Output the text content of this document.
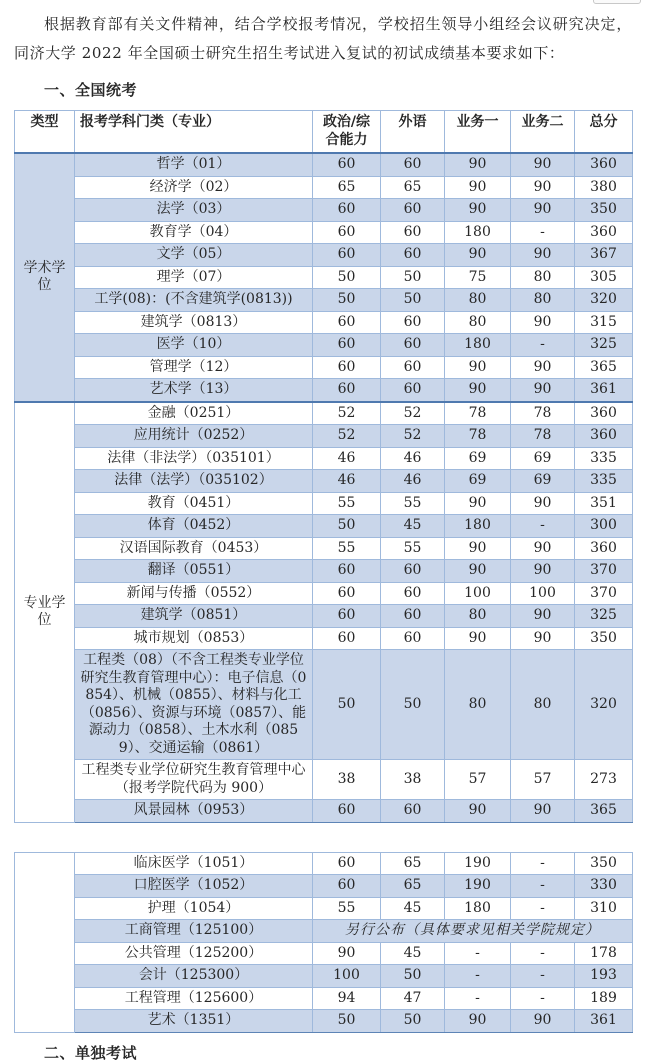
根据教育部有关文件精神，结合学校报考情况，学校招生领导小组经会议研究决定，同济大学 2022 年全国硕士研究生招生考试进入复试的初试成绩基本要求如下：

一、全国统考
类型	报考学科门类（专业）	政治/综合能力	外语	业务一	业务二	总分
学术学位	哲学（01）	60	60	90	90	360
	经济学（02）	65	65	90	90	380
	法学（03）	60	60	90	90	350
	教育学（04）	60	60	180	-	360
	文学（05）	60	60	90	90	367
	理学（07）	50	50	75	80	305
	工学(08)：(不含建筑学(0813))	50	50	80	80	320
	建筑学（0813）	60	60	80	90	315
	医学（10）	60	60	180	-	325
	管理学（12）	60	60	90	90	365
	艺术学（13）	60	60	90	90	361
专业学位	金融（0251）	52	52	78	78	360
	应用统计（0252）	52	52	78	78	360
	法律（非法学）（035101）	46	46	69	69	335
	法律（法学）（035102）	46	46	69	69	335
	教育（0451）	55	55	90	90	351
	体育（0452）	50	45	180	-	300
	汉语国际教育（0453）	55	55	90	90	360
	翻译（0551）	60	60	90	90	370
	新闻与传播（0552）	60	60	100	100	370
	建筑学（0851）	60	60	80	90	325
	城市规划（0853）	60	60	90	90	350
	工程类（08）（不含工程类专业学位研究生教育管理中心）：电子信息（0854）、机械（0855）、材料与化工（0856）、资源与环境（0857）、能源动力（0858）、土木水利（0859）、交通运输（0861）	50	50	80	80	320
	工程类专业学位研究生教育管理中心（报考学院代码为 900）	38	38	57	57	273
	风景园林（0953）	60	60	90	90	365
	临床医学（1051）	60	65	190	-	350
	口腔医学（1052）	60	65	190	-	330
	护理（1054）	55	45	180	-	310
	工商管理（125100）	另行公布（具体要求见相关学院规定）				
	公共管理（125200）	90	45	-	-	178
	会计（125300）	100	50	-	-	193
	工程管理（125600）	94	47	-	-	189
	艺术（1351）	50	50	90	90	361
二、单独考试
